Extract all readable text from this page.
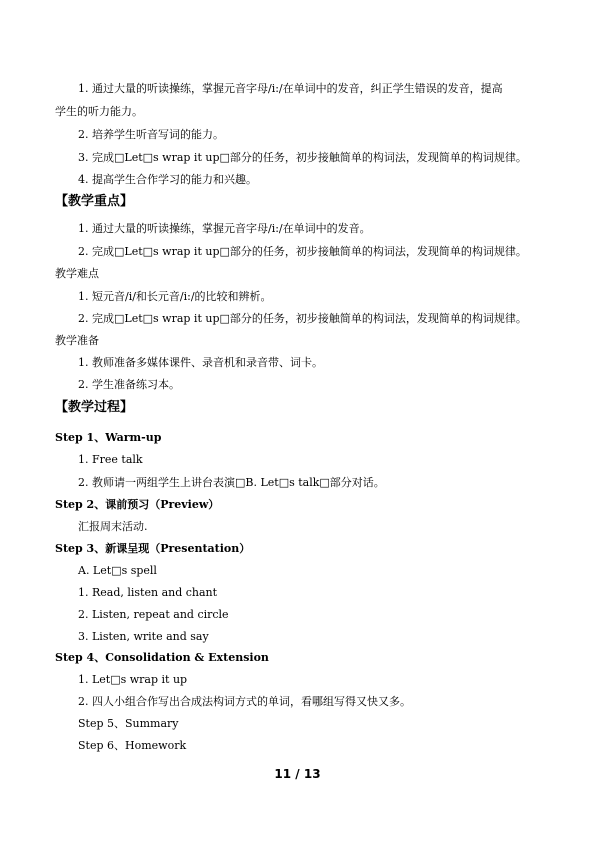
1. 通过大量的听读操练，掌握元音字母/i:/在单词中的发音，纠正学生错误的发音，提高
学生的听力能力。
2. 培养学生听音写词的能力。
3. 完成□Let□s wrap it up□部分的任务，初步接触简单的构词法，发现简单的构词规律。
4. 提高学生合作学习的能力和兴趣。
【教学重点】
1. 通过大量的听读操练，掌握元音字母/i:/在单词中的发音。
2. 完成□Let□s wrap it up□部分的任务，初步接触简单的构词法，发现简单的构词规律。
教学难点
1. 短元音/i/和长元音/i:/的比较和辨析。
2. 完成□Let□s wrap it up□部分的任务，初步接触简单的构词法，发现简单的构词规律。
教学准备
1. 教师准备多媒体课件、录音机和录音带、词卡。
2. 学生准备练习本。
【教学过程】
Step 1、Warm-up
1. Free talk
2. 教师请一两组学生上讲台表演□B. Let□s talk□部分对话。
Step 2、课前预习（Preview）
汇报周末活动.
Step 3、新课呈现（Presentation）
A. Let□s spell
1. Read, listen and chant
2. Listen, repeat and circle
3. Listen, write and say
Step 4、Consolidation & Extension
1. Let□s wrap it up
2. 四人小组合作写出合成法构词方式的单词，看哪组写得又快又多。
Step 5、Summary
Step 6、Homework
11 / 13
